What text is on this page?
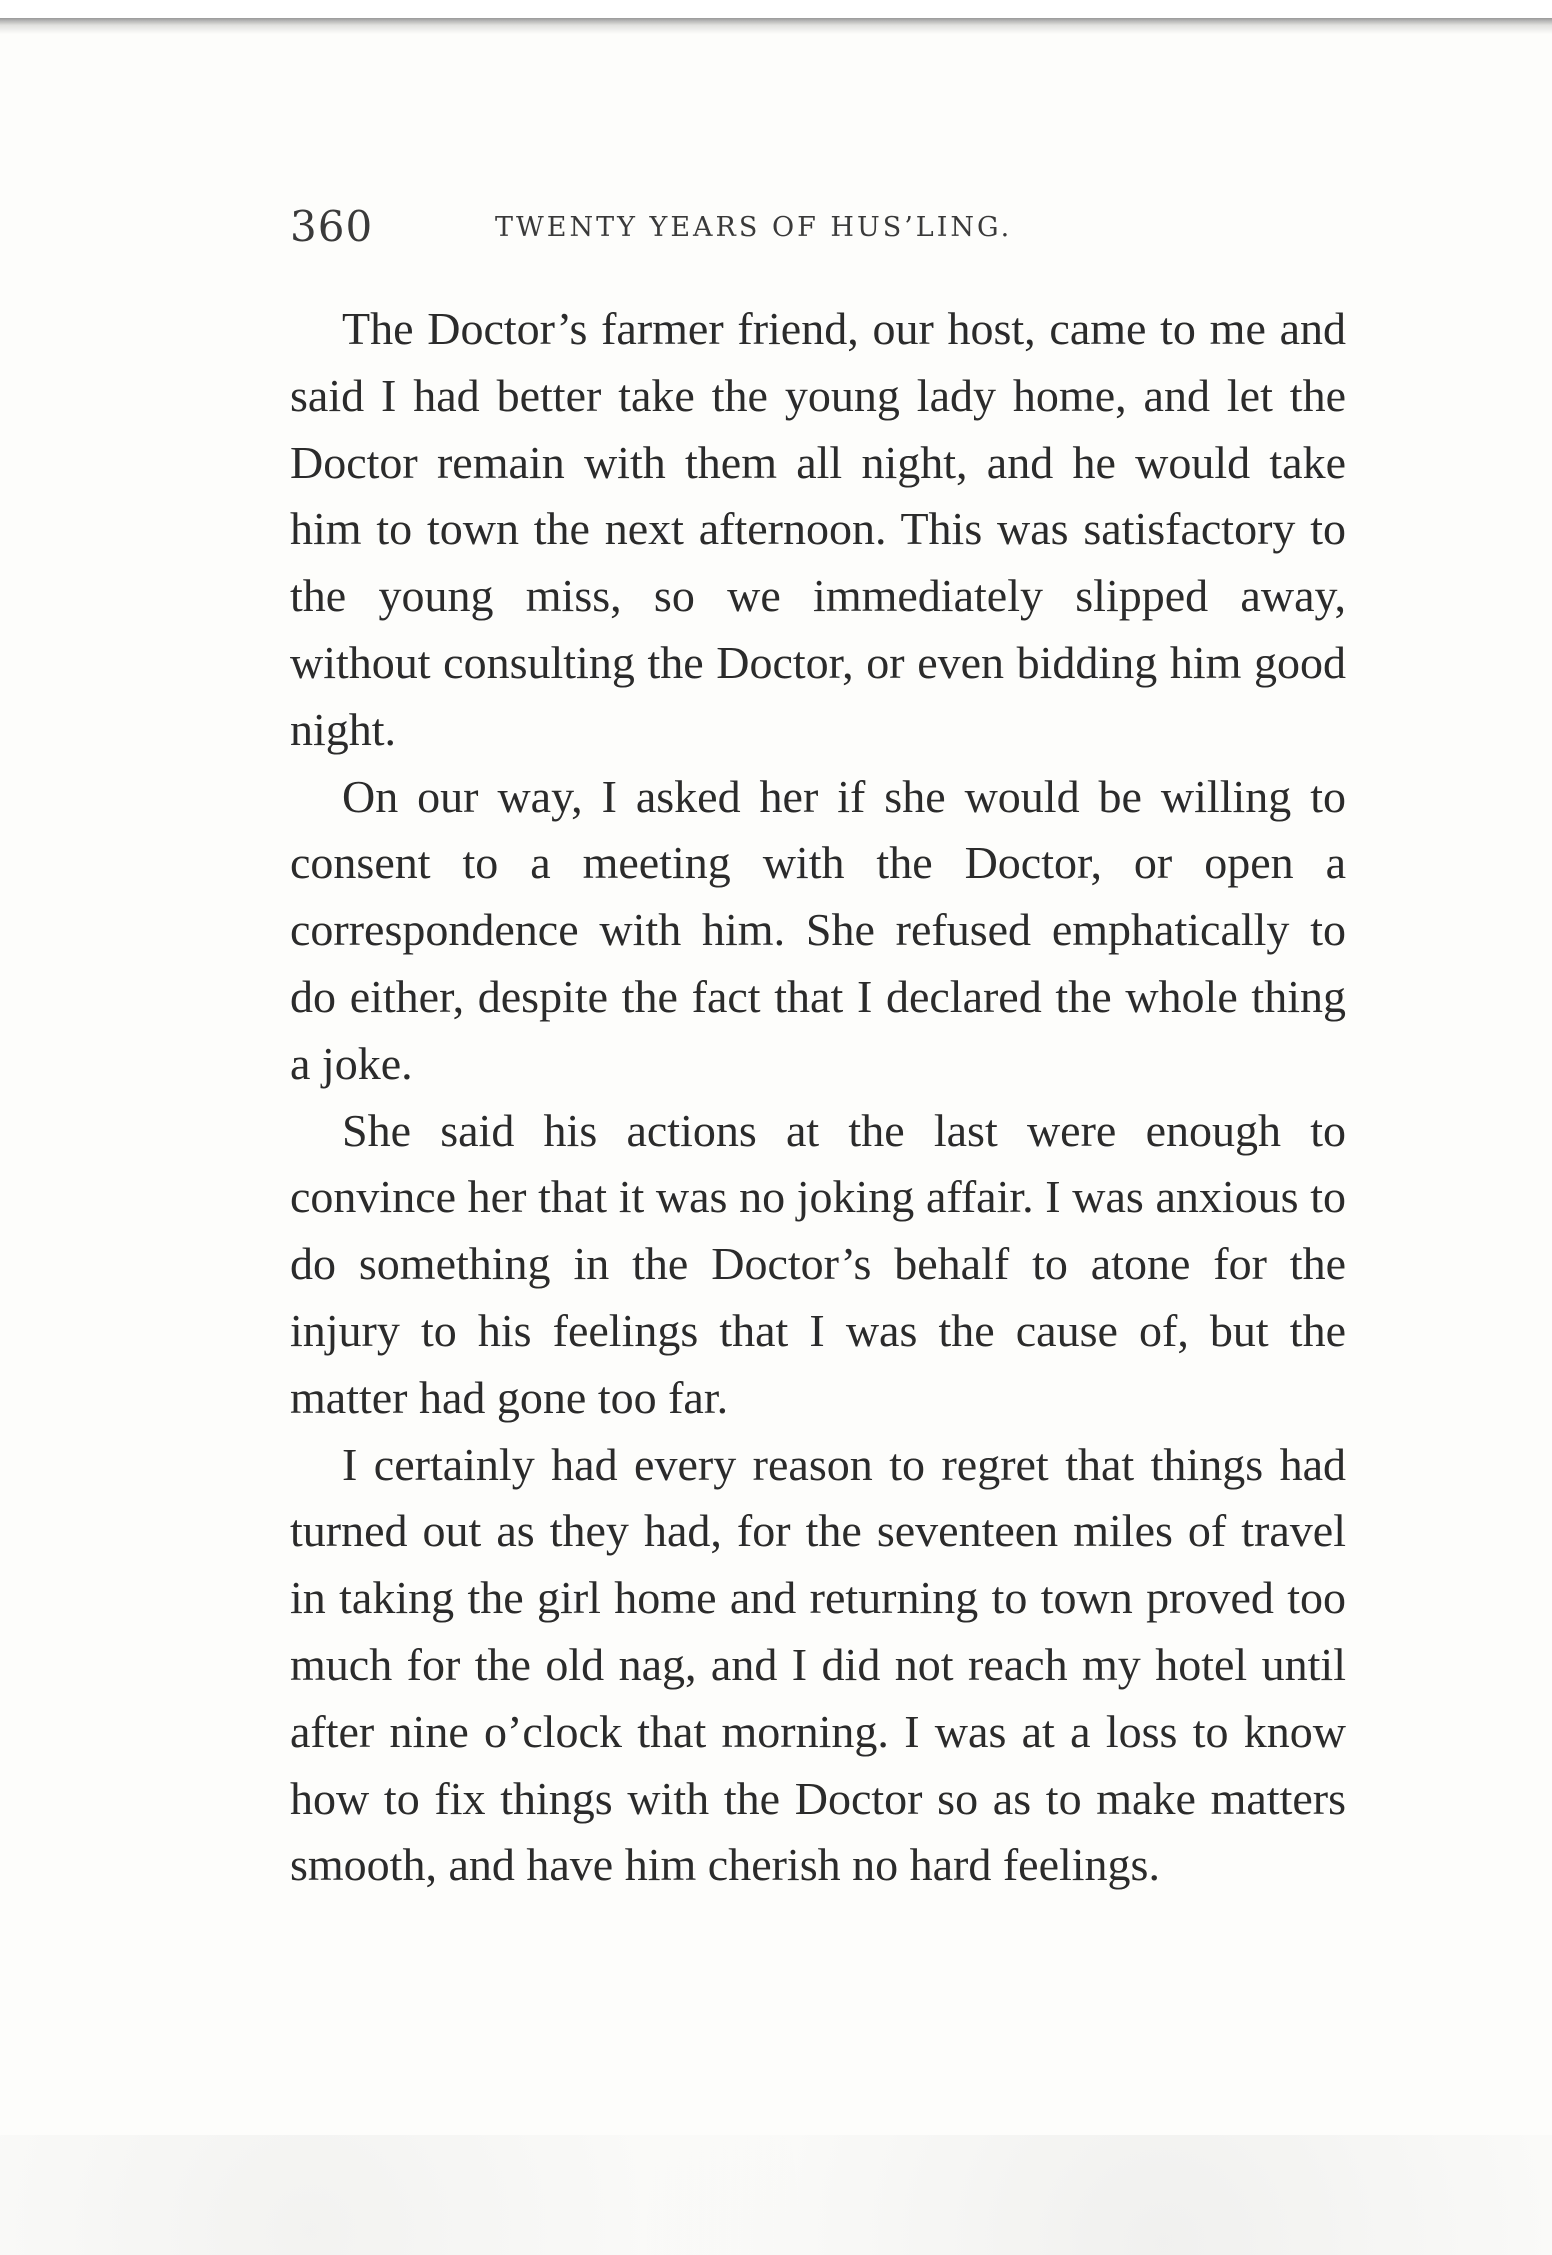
360	TWENTY YEARS OF HUS’LING.

The Doctor’s farmer friend, our host, came to me and said I had better take the young lady home, and let the Doctor remain with them all night, and he would take him to town the next afternoon. This was satisfactory to the young miss, so we immediately slipped away, without consulting the Doctor, or even bidding him good night.

On our way, I asked her if she would be willing to consent to a meeting with the Doctor, or open a correspondence with him. She refused emphatically to do either, despite the fact that I declared the whole thing a joke.

She said his actions at the last were enough to convince her that it was no joking affair. I was anxious to do something in the Doctor’s behalf to atone for the injury to his feelings that I was the cause of, but the matter had gone too far.

I certainly had every reason to regret that things had turned out as they had, for the seventeen miles of travel in taking the girl home and returning to town proved too much for the old nag, and I did not reach my hotel until after nine o’clock that morning. I was at a loss to know how to fix things with the Doctor so as to make matters smooth, and have him cherish no hard feelings.
